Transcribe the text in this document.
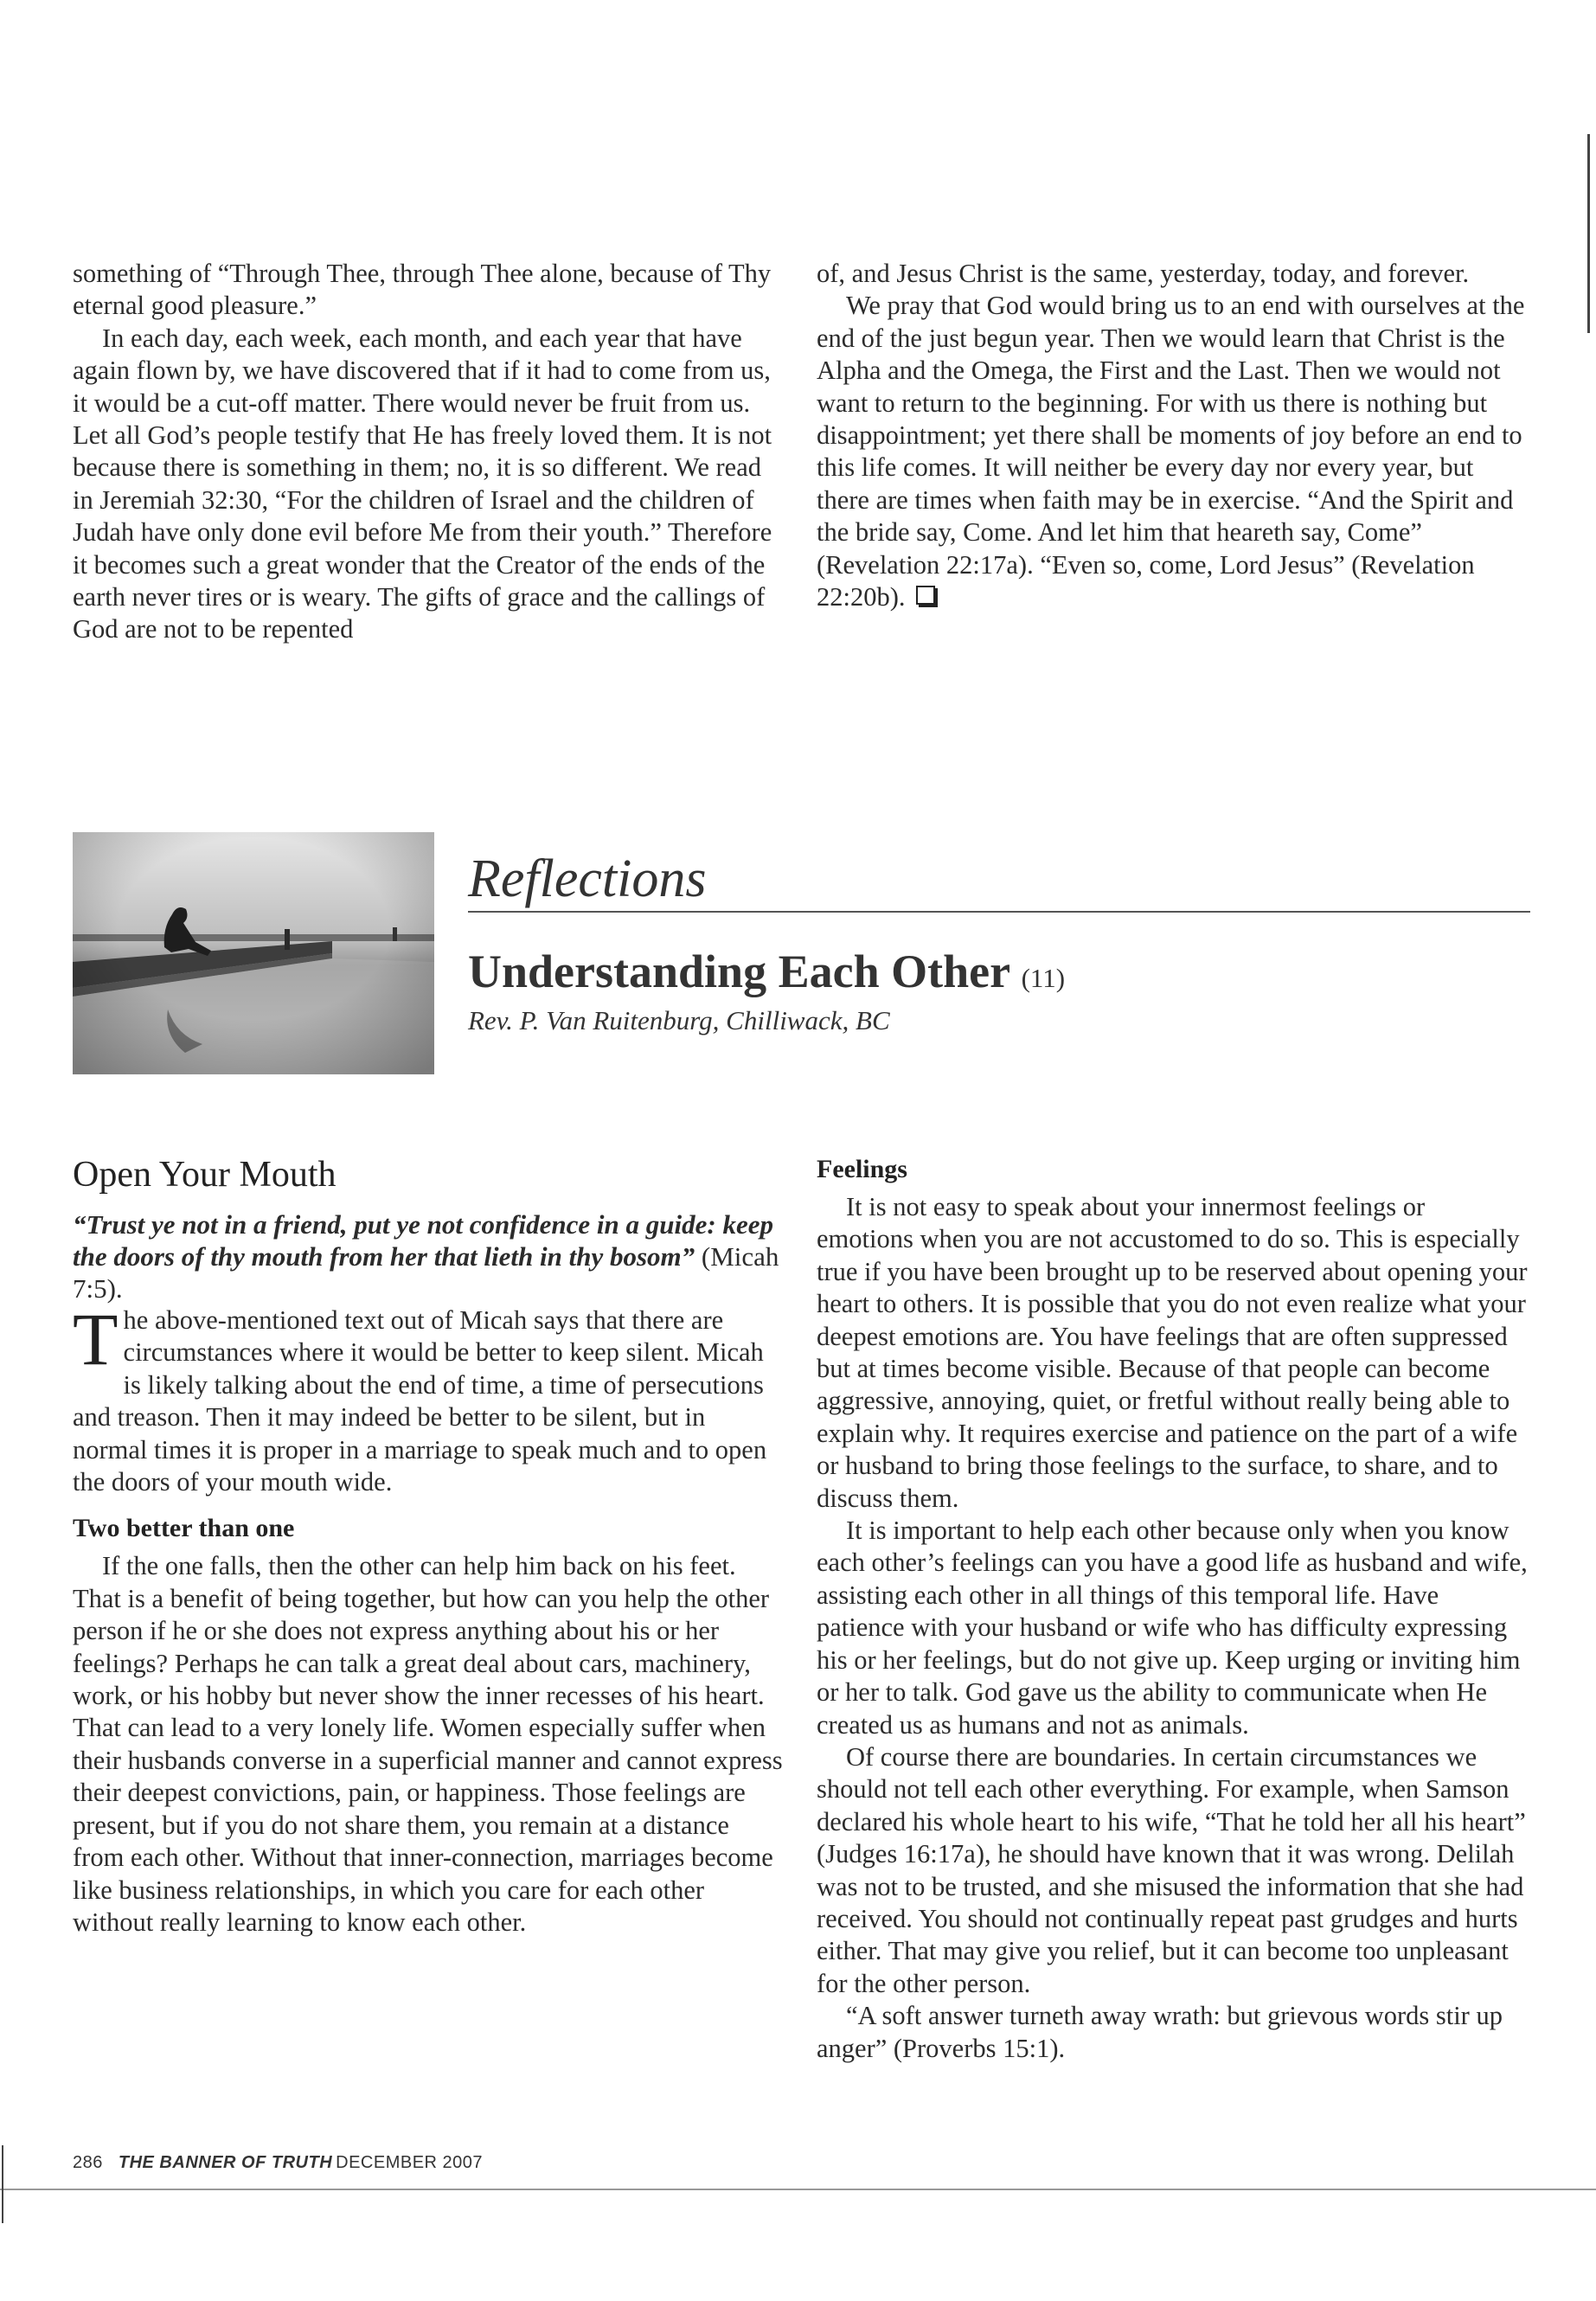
something of “Through Thee, through Thee alone, because of Thy eternal good pleasure.”

In each day, each week, each month, and each year that have again flown by, we have discovered that if it had to come from us, it would be a cut-off matter. There would never be fruit from us. Let all God’s people testify that He has freely loved them. It is not because there is something in them; no, it is so different. We read in Jeremiah 32:30, “For the children of Israel and the children of Judah have only done evil before Me from their youth.” Therefore it becomes such a great wonder that the Creator of the ends of the earth never tires or is weary. The gifts of grace and the callings of God are not to be repented

of, and Jesus Christ is the same, yesterday, today, and forever.

We pray that God would bring us to an end with ourselves at the end of the just begun year. Then we would learn that Christ is the Alpha and the Omega, the First and the Last. Then we would not want to return to the beginning. For with us there is nothing but disappointment; yet there shall be moments of joy before an end to this life comes. It will neither be every day nor every year, but there are times when faith may be in exercise. “And the Spirit and the bride say, Come. And let him that heareth say, Come” (Revelation 22:17a). “Even so, come, Lord Jesus” (Revelation 22:20b).

Reflections
Understanding Each Other (11)
Rev. P. Van Ruitenburg, Chilliwack, BC
Open Your Mouth

“Trust ye not in a friend, put ye not confidence in a guide: keep the doors of thy mouth from her that lieth in thy bosom” (Micah 7:5).

The above-mentioned text out of Micah says that there are circumstances where it would be better to keep silent. Micah is likely talking about the end of time, a time of persecutions and treason. Then it may indeed be better to be silent, but in normal times it is proper in a marriage to speak much and to open the doors of your mouth wide.

Two better than one

If the one falls, then the other can help him back on his feet. That is a benefit of being together, but how can you help the other person if he or she does not express anything about his or her feelings? Perhaps he can talk a great deal about cars, machinery, work, or his hobby but never show the inner recesses of his heart. That can lead to a very lonely life. Women especially suffer when their husbands converse in a superficial manner and cannot express their deepest convictions, pain, or happiness. Those feelings are present, but if you do not share them, you remain at a distance from each other. Without that inner-connection, marriages become like business relationships, in which you care for each other without really learning to know each other.

Feelings

It is not easy to speak about your innermost feelings or emotions when you are not accustomed to do so. This is especially true if you have been brought up to be reserved about opening your heart to others. It is possible that you do not even realize what your deepest emotions are. You have feelings that are often suppressed but at times become visible. Because of that people can become aggressive, annoying, quiet, or fretful without really being able to explain why. It requires exercise and patience on the part of a wife or husband to bring those feelings to the surface, to share, and to discuss them.

It is important to help each other because only when you know each other’s feelings can you have a good life as husband and wife, assisting each other in all things of this temporal life. Have patience with your husband or wife who has difficulty expressing his or her feelings, but do not give up. Keep urging or inviting him or her to talk. God gave us the ability to communicate when He created us as humans and not as animals.

Of course there are boundaries. In certain circumstances we should not tell each other everything. For example, when Samson declared his whole heart to his wife, “That he told her all his heart” (Judges 16:17a), he should have known that it was wrong. Delilah was not to be trusted, and she misused the information that she had received. You should not continually repeat past grudges and hurts either. That may give you relief, but it can become too unpleasant for the other person.

“A soft answer turneth away wrath: but grievous words stir up anger” (Proverbs 15:1).

286 THE BANNER OF TRUTH DECEMBER 2007
